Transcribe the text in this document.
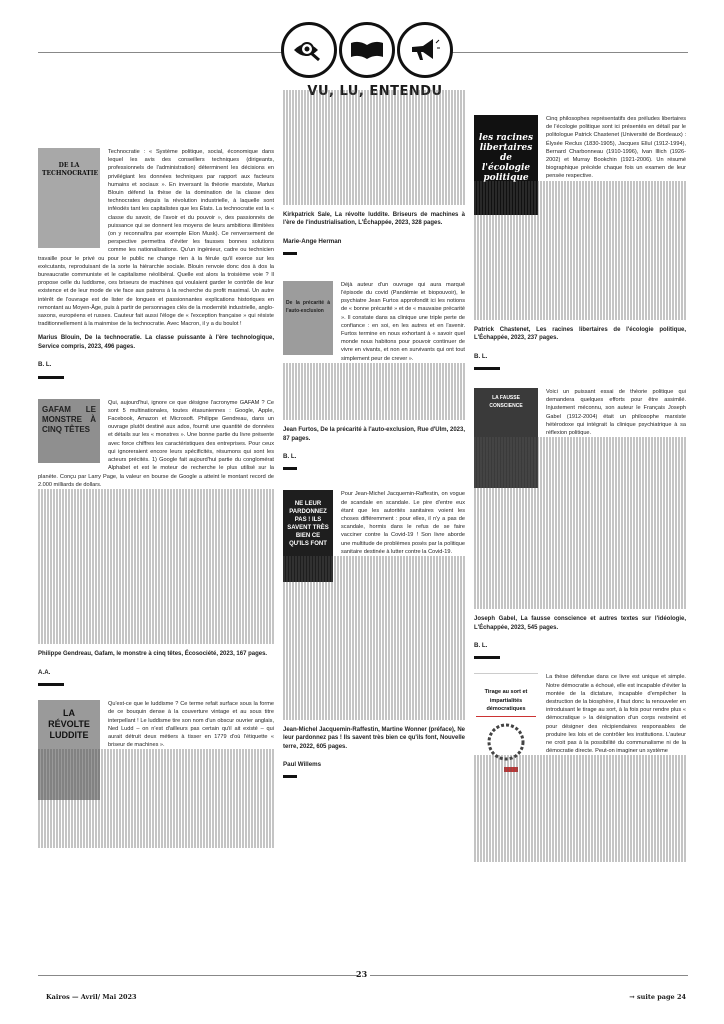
VU, LU, ENTENDU
DE LA TECHNOCRATIE

Technocratie : « Système politique, social, économique dans lequel les avis des conseillers techniques (dirigeants, professionnels de l'administration) déterminent les décisions en privilégiant les données techniques par rapport aux facteurs humains et sociaux ». En inversant la théorie marxiste, Marius Blouin défend la thèse de la domination de la classe des technocrates depuis la révolution industrielle, à laquelle sont inféodés tant les capitalistes que les États. La technocratie est la « classe du savoir, de l'avoir et du pouvoir », des passionnés de puissance qui se donnent les moyens de leurs ambitions illimitées (on y reconnaîtra par exemple Elon Musk). Ce renversement de perspective permettra d'éviter les fausses bonnes solutions comme les nationalisations. Qu'un ingénieur, cadre ou technicien travaille pour le privé ou pour le public ne change rien à la férule qu'il exerce sur les exécutants, reproduisant de la sorte la hiérarchie sociale. Blouin renvoie donc dos à dos la bureaucratie communiste et le capitalisme néolibéral. Quelle est alors la troisième voie ? Il propose celle du luddisme, ces briseurs de machines qui voulaient garder le contrôle de leur existence et de leur mode de vie face aux patrons à la recherche du profit maximal. Un autre intérêt de l'ouvrage est de lister de longues et passionnantes explications historiques en remontant au Moyen-Âge, puis à partir de personnages clés de la modernité industrielle, anglo-saxons, européens et russes. Cauteur fait aussi l'éloge de « l'exception française » qui résiste traditionnellement à la mainmise de la technocratie. Avec Macron, il y a du boulot !

Marius Blouin, De la technocratie. La classe puissante à l'ère technologique, Service compris, 2023, 496 pages.

B. L.

GAFAM LE MONSTRE À CINQ TÊTES

Qui, aujourd'hui, ignore ce que désigne l'acronyme GAFAM ? Ce sont 5 multinationales, toutes étasuniennes : Google, Apple, Facebook, Amazon et Microsoft. Philippe Gendreau, dans un ouvrage plutôt destiné aux ados, fournit une quantité de données et détails sur les « monstres ». Une bonne partie du livre présente avec force chiffres les caractéristiques des entreprises. Pour ceux qui ignoreraient encore leurs spécificités, résumons qui sont les acteurs précités. 1) Google fait aujourd'hui partie du conglomérat Alphabet et est le moteur de recherche le plus utilisé sur la planète. Conçu par Larry Page, la valeur en bourse de Google a atteint le montant record de 2.000 milliards de dollars.

Philippe Gendreau, Gafam, le monstre à cinq têtes, Écosociété, 2023, 167 pages.

A.A.

LA RÉVOLTE LUDDITE

Qu'est-ce que le luddisme ? Ce terme refait surface sous la forme de ce bouquin dense à la couverture vintage et au sous titre interpellant ! Le luddisme tire son nom d'un obscur ouvrier anglais, Ned Ludd – on n'est d'ailleurs pas certain qu'il ait existé – qui aurait détruit deux métiers à tisser en 1779 d'où l'étiquette « briseur de machines ».

Kirkpatrick Sale, La révolte luddite. Briseurs de machines à l'ère de l'industrialisation, L'Échappée, 2023, 328 pages.

Marie-Ange Herman

De la précarité à l'auto-exclusion

Déjà auteur d'un ouvrage qui aura marqué l'épisode du covid (Pandémie et biopouvoir), le psychiatre Jean Furtos approfondit ici les notions de « bonne précarité » et de « mauvaise précarité ». Il constate dans sa clinique une triple perte de confiance : en soi, en les autres et en l'avenir. Furtos termine en nous exhortant à « savoir quel monde nous habitons pour pouvoir continuer de vivre en vivants, et non en survivants qui ont tout simplement peur de crever ».

Jean Furtos, De la précarité à l'auto-exclusion, Rue d'Ulm, 2023, 87 pages.

B. L.

NE LEUR PARDONNEZ PAS ! ILS SAVENT TRÈS BIEN CE QU'ILS FONT

Pour Jean-Michel Jacquemin-Raffestin, on vogue de scandale en scandale. Le pire d'entre eux étant que les autorités sanitaires voient les choses différemment : pour elles, il n'y a pas de scandale, hormis dans le refus de se faire vacciner contre la Covid-19 ! Son livre aborde une multitude de problèmes posés par la politique sanitaire destinée à lutter contre la Covid-19.

Jean-Michel Jacquemin-Raffestin, Martine Wonner (préface), Ne leur pardonnez pas ! Ils savent très bien ce qu'ils font, Nouvelle terre, 2022, 605 pages.

Paul Willems

les racines libertaires de l'écologie politique

Cinq philosophes représentatifs des préludes libertaires de l'écologie politique sont ici présentés en détail par le politologue Patrick Chastenet (Université de Bordeaux) : Élysée Reclus (1830-1905), Jacques Ellul (1912-1994), Bernard Charbonneau (1910-1996), Ivan Illich (1926-2002) et Murray Bookchin (1921-2006). Un résumé biographique précède chaque fois un examen de leur pensée respective.

Patrick Chastenet, Les racines libertaires de l'écologie politique, L'Échappée, 2023, 237 pages.

B. L.

LA FAUSSE CONSCIENCE

Voici un puissant essai de théorie politique qui demandera quelques efforts pour être assimilé. Injustement méconnu, son auteur le Français Joseph Gabel (1912-2004) était un philosophe marxiste hétérodoxe qui intégrait la clinique psychiatrique à sa réflexion politique.

Joseph Gabel, La fausse conscience et autres textes sur l'idéologie, L'Échappée, 2023, 545 pages.

B. L.

Tirage au sort et impartialités démocratiques

La thèse défendue dans ce livre est unique et simple. Notre démocratie a échoué, elle est incapable d'éviter la montée de la dictature, incapable d'empêcher la destruction de la biosphère, il faut donc la renouveler en introduisant le tirage au sort, à la fois pour rendre plus « démocratique » la désignation d'un corps restreint et pour désigner des récipiendaires responsables de produire les lois et de contrôler les institutions. L'auteur ne croit pas à la possibilité du communalisme ni de la démocratie directe. Peut-on imaginer un système

23
Kairos — Avril/ Mai 2023	→ suite page 24
